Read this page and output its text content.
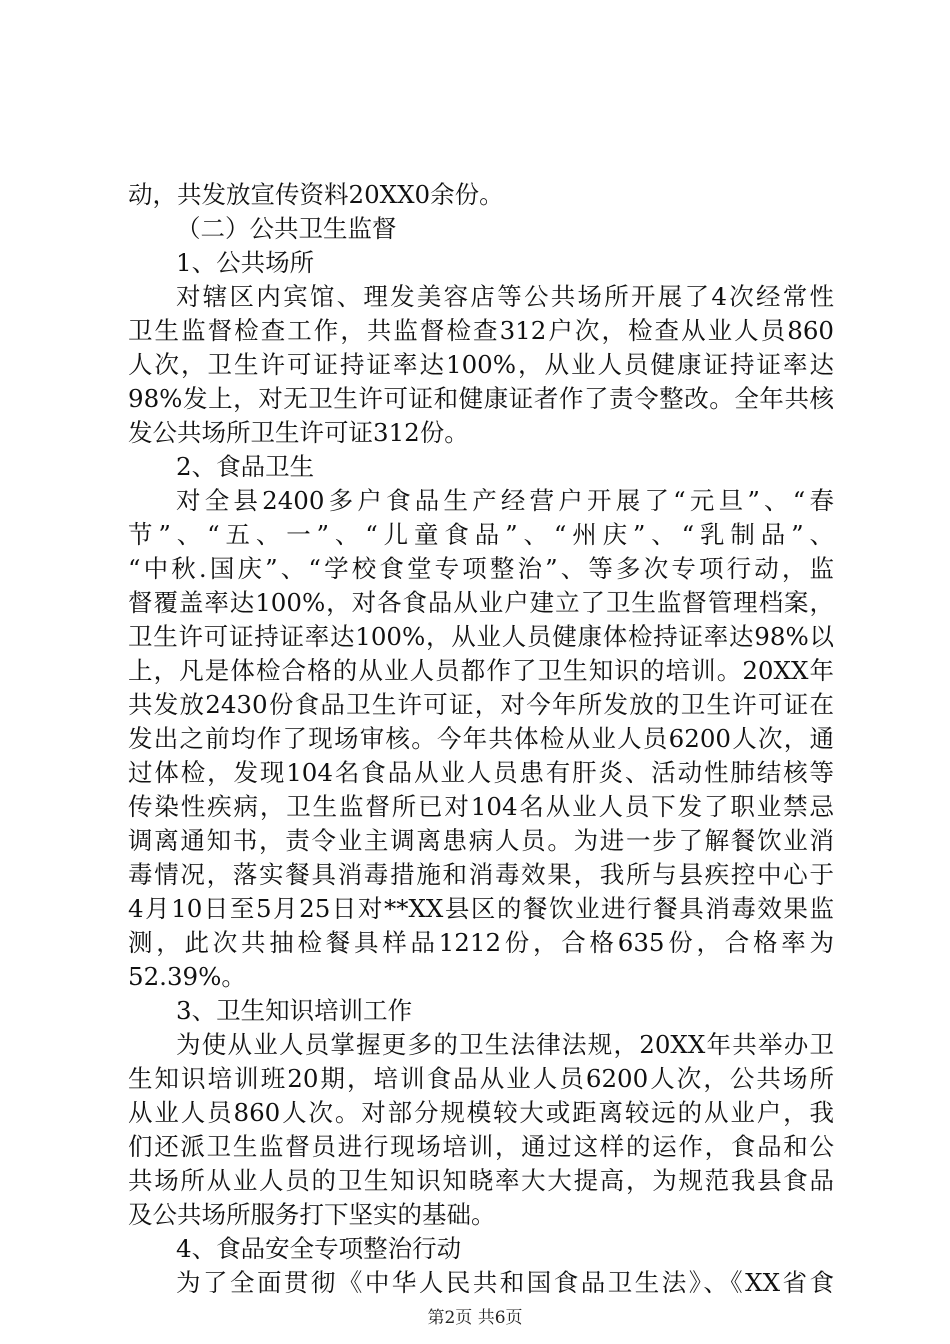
动，共发放宣传资料20XX0余份。
（二）公共卫生监督
1、公共场所
对辖区内宾馆、理发美容店等公共场所开展了4次经常性
卫生监督检查工作，共监督检查312户次，检查从业人员860
人次，卫生许可证持证率达100%，从业人员健康证持证率达
98%发上，对无卫生许可证和健康证者作了责令整改。全年共核
发公共场所卫生许可证312份。
2、食品卫生
对全县2400多户食品生产经营户开展了“元旦”、“春
节”、“五、一”、“儿童食品”、“州庆”、“乳制品”、
“中秋.国庆”、“学校食堂专项整治”、等多次专项行动，监
督覆盖率达100%，对各食品从业户建立了卫生监督管理档案，
卫生许可证持证率达100%，从业人员健康体检持证率达98%以
上，凡是体检合格的从业人员都作了卫生知识的培训。20XX年
共发放2430份食品卫生许可证，对今年所发放的卫生许可证在
发出之前均作了现场审核。今年共体检从业人员6200人次，通
过体检，发现104名食品从业人员患有肝炎、活动性肺结核等
传染性疾病，卫生监督所已对104名从业人员下发了职业禁忌
调离通知书，责令业主调离患病人员。为进一步了解餐饮业消
毒情况，落实餐具消毒措施和消毒效果，我所与县疾控中心于
4月10日至5月25日对**XX县区的餐饮业进行餐具消毒效果监
测，此次共抽检餐具样品1212份，合格635份，合格率为
52.39%。
3、卫生知识培训工作
为使从业人员掌握更多的卫生法律法规，20XX年共举办卫
生知识培训班20期，培训食品从业人员6200人次，公共场所
从业人员860人次。对部分规模较大或距离较远的从业户，我
们还派卫生监督员进行现场培训，通过这样的运作，食品和公
共场所从业人员的卫生知识知晓率大大提高，为规范我县食品
及公共场所服务打下坚实的基础。
4、食品安全专项整治行动
为了全面贯彻《中华人民共和国食品卫生法》、《XX省食
第2页 共6页
